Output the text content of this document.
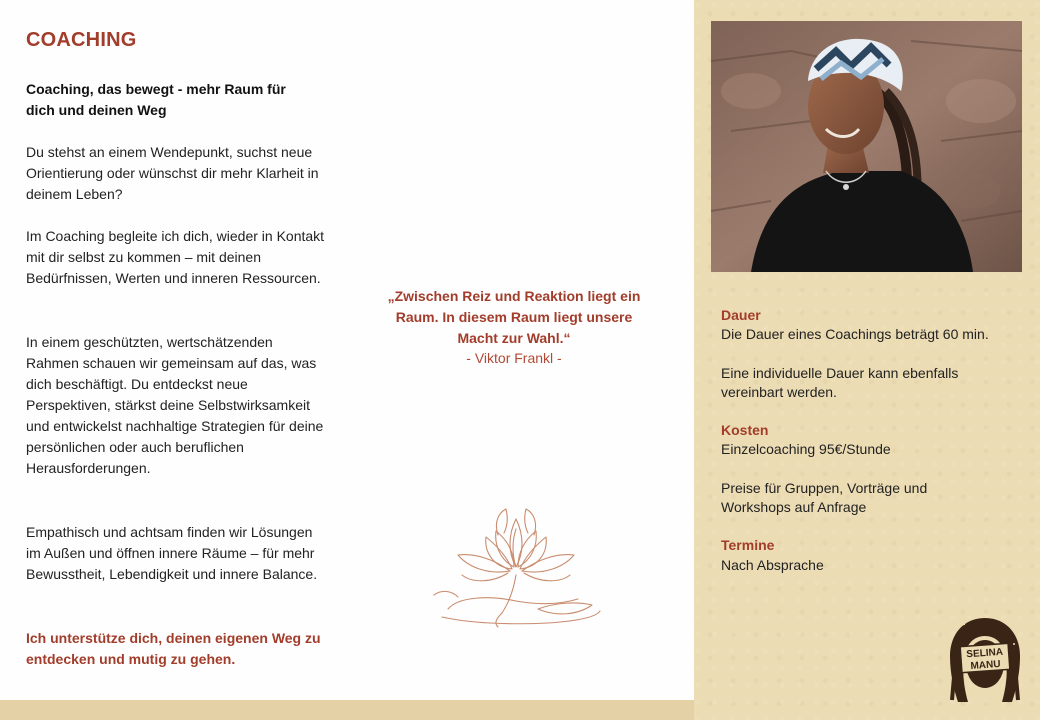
COACHING
Coaching, das bewegt - mehr Raum für dich und deinen Weg
Du stehst an einem Wendepunkt, suchst neue Orientierung oder wünschst dir mehr Klarheit in deinem Leben?
Im Coaching begleite ich dich, wieder in Kontakt mit dir selbst zu kommen – mit deinen Bedürfnissen, Werten und inneren Ressourcen.
In einem geschützten, wertschätzenden Rahmen schauen wir gemeinsam auf das, was dich beschäftigt. Du entdeckst neue Perspektiven, stärkst deine Selbstwirksamkeit und entwickelst nachhaltige Strategien für deine persönlichen oder auch beruflichen Herausforderungen.
Empathisch und achtsam finden wir Lösungen im Außen und öffnen innere Räume – für mehr Bewusstheit, Lebendigkeit und innere Balance.
Ich unterstütze dich, deinen eigenen Weg zu entdecken und mutig zu gehen.
„Zwischen Reiz und Reaktion liegt ein Raum. In diesem Raum liegt unsere Macht zur Wahl.“
- Viktor Frankl -
Dauer
Die Dauer eines Coachings beträgt 60 min.
Eine individuelle Dauer kann ebenfalls vereinbart werden.
Kosten
Einzelcoaching 95€/Stunde
Preise für Gruppen, Vorträge und Workshops auf Anfrage
Termine
Nach Absprache
SELINA
MANU
